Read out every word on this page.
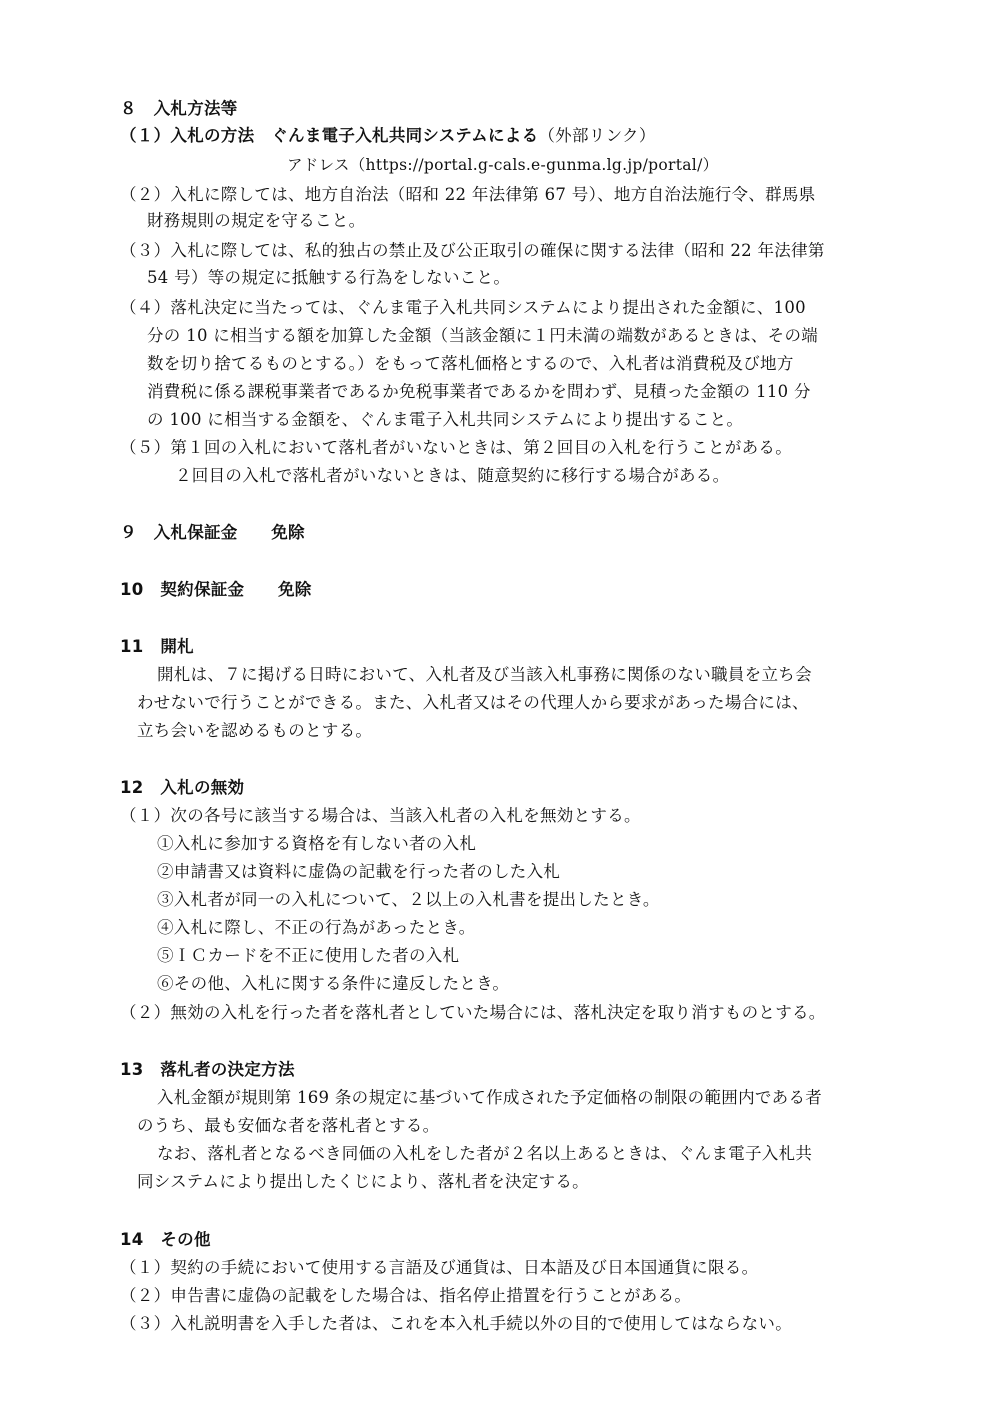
８　入札方法等
（１）入札の方法　 ぐんま電子入札共同システムによる（外部リンク）
アドレス（https://portal.g-cals.e-gunma.lg.jp/portal/）
（２）入札に際しては、地方自治法（昭和 22 年法律第 67 号）、地方自治法施行令、群馬県
財務規則の規定を守ること。
（３）入札に際しては、私的独占の禁止及び公正取引の確保に関する法律（昭和 22 年法律第
54 号）等の規定に抵触する行為をしないこと。
（４）落札決定に当たっては、ぐんま電子入札共同システムにより提出された金額に、100
分の 10 に相当する額を加算した金額（当該金額に１円未満の端数があるときは、その端
数を切り捨てるものとする。）をもって落札価格とするので、入札者は消費税及び地方
消費税に係る課税事業者であるか免税事業者であるかを問わず、見積った金額の 110 分
の 100 に相当する金額を、ぐんま電子入札共同システムにより提出すること。
（５）第１回の入札において落札者がいないときは、第２回目の入札を行うことがある。
２回目の入札で落札者がいないときは、随意契約に移行する場合がある。
９　入札保証金　　免除
10　契約保証金　　免除
11　開札
開札は、７に掲げる日時において、入札者及び当該入札事務に関係のない職員を立ち会
わせないで行うことができる。また、入札者又はその代理人から要求があった場合には、
立ち会いを認めるものとする。
12　入札の無効
（１）次の各号に該当する場合は、当該入札者の入札を無効とする。
①入札に参加する資格を有しない者の入札
②申請書又は資料に虚偽の記載を行った者のした入札
③入札者が同一の入札について、２以上の入札書を提出したとき。
④入札に際し、不正の行為があったとき。
⑤ＩＣカードを不正に使用した者の入札
⑥その他、入札に関する条件に違反したとき。
（２）無効の入札を行った者を落札者としていた場合には、落札決定を取り消すものとする。
13　落札者の決定方法
入札金額が規則第 169 条の規定に基づいて作成された予定価格の制限の範囲内である者
のうち、最も安価な者を落札者とする。
なお、落札者となるべき同価の入札をした者が２名以上あるときは、ぐんま電子入札共
同システムにより提出したくじにより、落札者を決定する。
14　その他
（１）契約の手続において使用する言語及び通貨は、日本語及び日本国通貨に限る。
（２）申告書に虚偽の記載をした場合は、指名停止措置を行うことがある。
（３）入札説明書を入手した者は、これを本入札手続以外の目的で使用してはならない。
